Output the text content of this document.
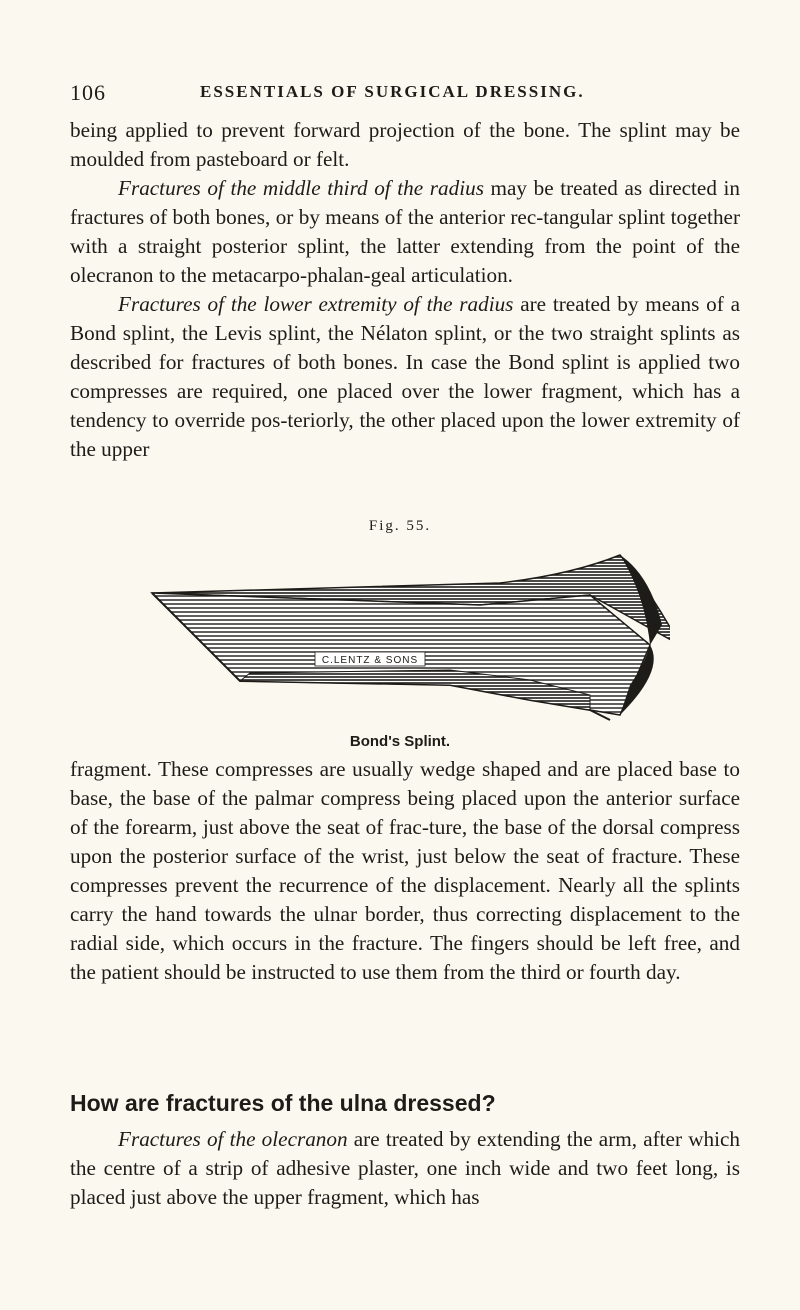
106	ESSENTIALS OF SURGICAL DRESSING.

being applied to prevent forward projection of the bone. The splint may be moulded from pasteboard or felt.

Fractures of the middle third of the radius may be treated as directed in fractures of both bones, or by means of the anterior rec-tangular splint together with a straight posterior splint, the latter extending from the point of the olecranon to the metacarpo-phalan-geal articulation.

Fractures of the lower extremity of the radius are treated by means of a Bond splint, the Levis splint, the Nélaton splint, or the two straight splints as described for fractures of both bones. In case the Bond splint is applied two compresses are required, one placed over the lower fragment, which has a tendency to override pos-teriorly, the other placed upon the lower extremity of the upper

Fig. 55.
C.LENTZ & SONS
Bond's Splint.

fragment. These compresses are usually wedge shaped and are placed base to base, the base of the palmar compress being placed upon the anterior surface of the forearm, just above the seat of frac-ture, the base of the dorsal compress upon the posterior surface of the wrist, just below the seat of fracture. These compresses prevent the recurrence of the displacement. Nearly all the splints carry the hand towards the ulnar border, thus correcting displacement to the radial side, which occurs in the fracture. The fingers should be left free, and the patient should be instructed to use them from the third or fourth day.

How are fractures of the ulna dressed?

Fractures of the olecranon are treated by extending the arm, after which the centre of a strip of adhesive plaster, one inch wide and two feet long, is placed just above the upper fragment, which has
